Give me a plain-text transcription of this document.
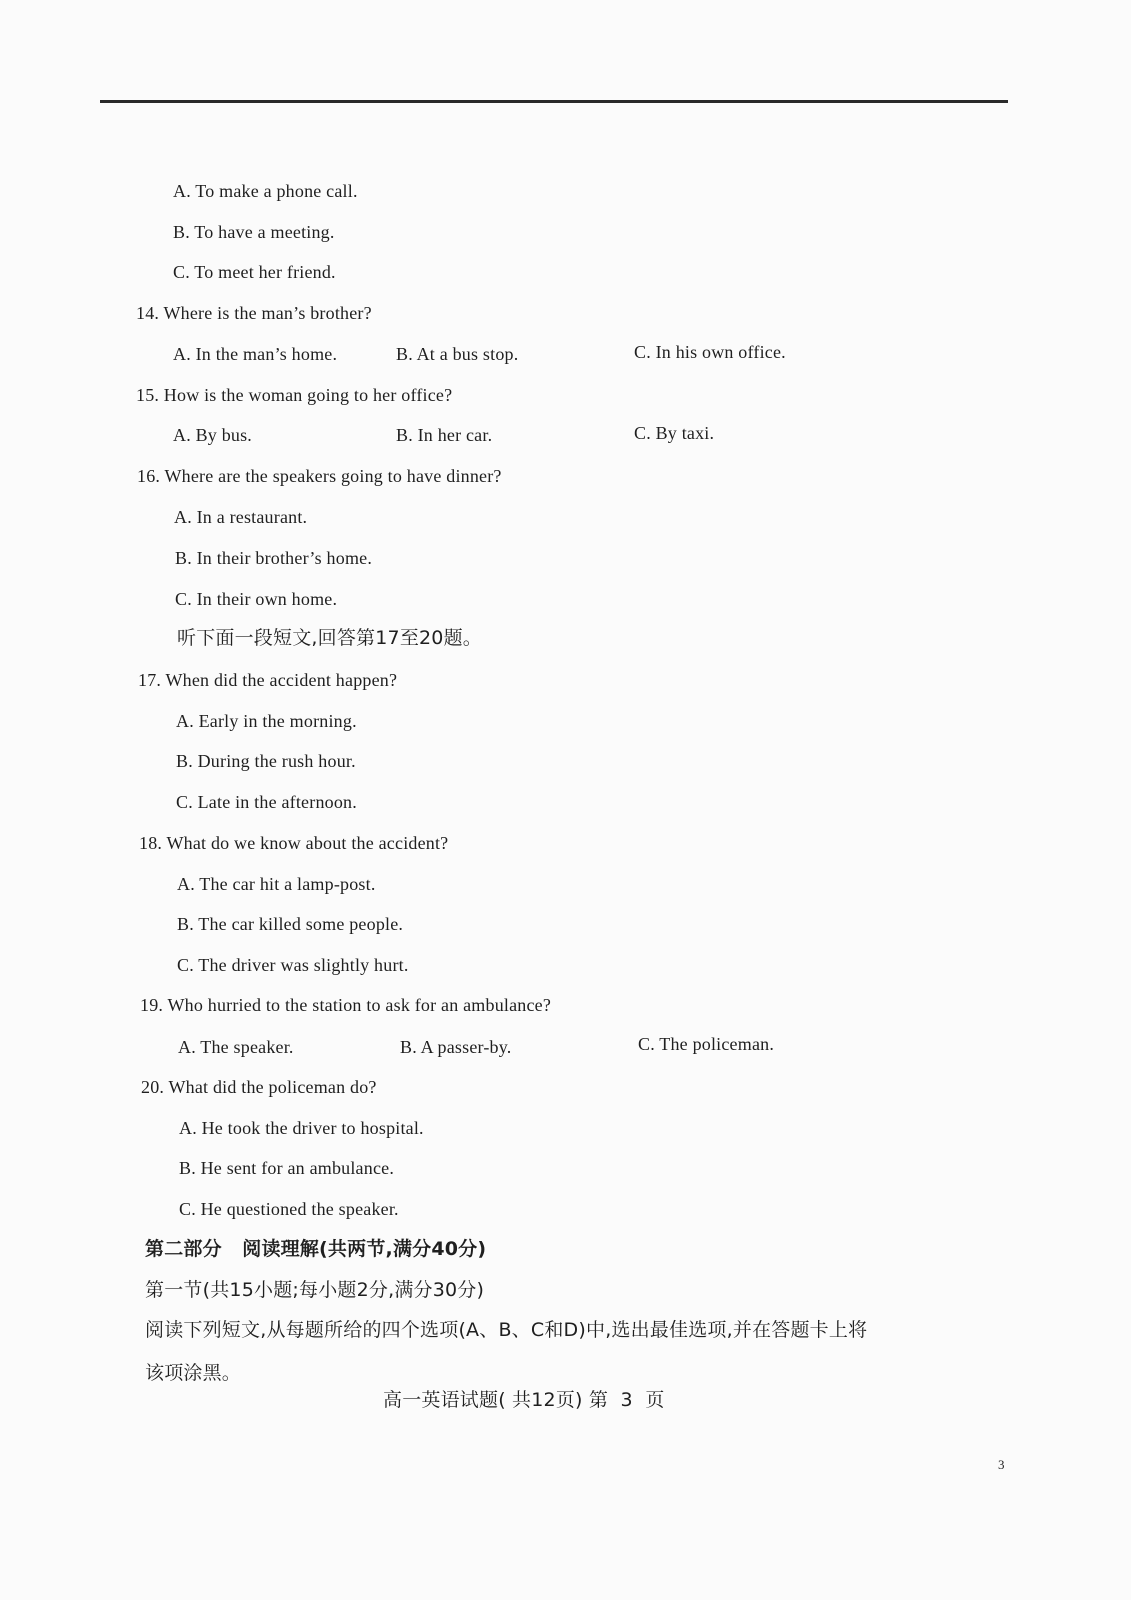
A. To make a phone call.
B. To have a meeting.
C. To meet her friend.
14. Where is the man’s brother?
A. In the man’s home.	B. At a bus stop.	C. In his own office.
15. How is the woman going to her office?
A. By bus.	B. In her car.	C. By taxi.
16. Where are the speakers going to have dinner?
A. In a restaurant.
B. In their brother’s home.
C. In their own home.
听下面一段短文,回答第17至20题。
17. When did the accident happen?
A. Early in the morning.
B. During the rush hour.
C. Late in the afternoon.
18. What do we know about the accident?
A. The car hit a lamp-post.
B. The car killed some people.
C. The driver was slightly hurt.
19. Who hurried to the station to ask for an ambulance?
A. The speaker.	B. A passer-by.	C. The policeman.
20. What did the policeman do?
A. He took the driver to hospital.
B. He sent for an ambulance.
C. He questioned the speaker.
第二部分   阅读理解(共两节,满分40分)
第一节(共15小题;每小题2分,满分30分)
阅读下列短文,从每题所给的四个选项(A、B、C和D)中,选出最佳选项,并在答题卡上将
该项涂黑。
高一英语试题( 共12页) 第  3  页
3
